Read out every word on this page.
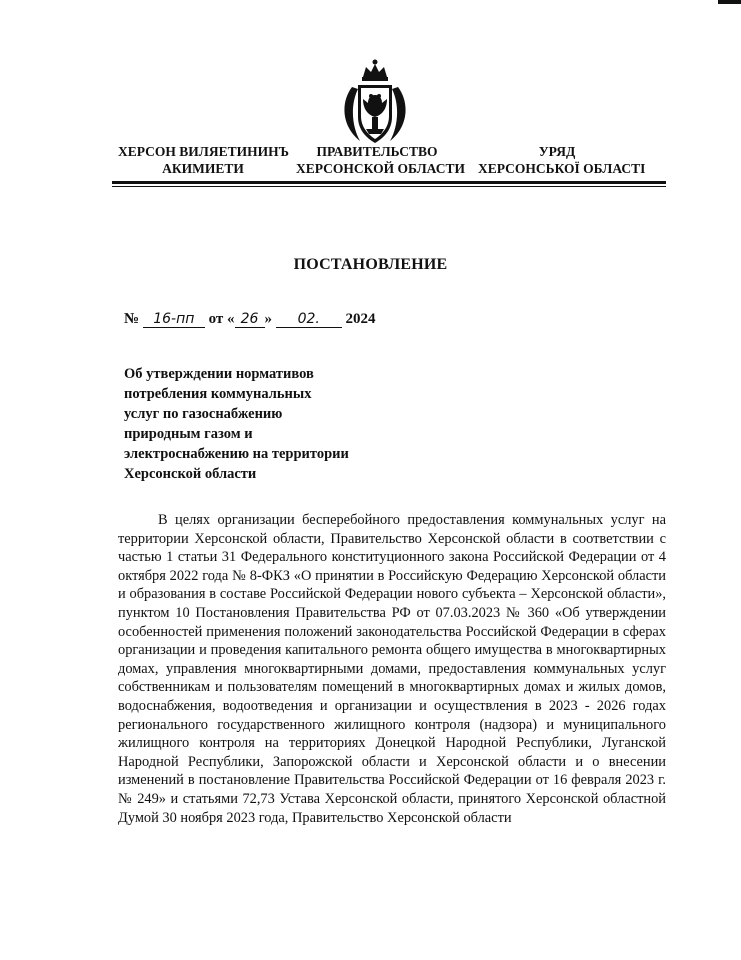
ХЕРСОН ВИЛЯЕТИНИНЪ
АКИМИЕТИ
ПРАВИТЕЛЬСТВО
ХЕРСОНСКОЙ ОБЛАСТИ
УРЯД
ХЕРСОНСЬКОЇ ОБЛАСТІ
ПОСТАНОВЛЕНИЕ
№ 16-пп от « 26 » 02. 2024
Об утверждении нормативов
потребления коммунальных
услуг по газоснабжению
природным газом и
электроснабжению на территории
Херсонской области

В целях организации бесперебойного предоставления коммунальных услуг на территории Херсонской области, Правительство Херсонской области в соответствии с частью 1 статьи 31 Федерального конституционного закона Российской Федерации от 4 октября 2022 года № 8-ФКЗ «О принятии в Российскую Федерацию Херсонской области и образования в составе Российской Федерации нового субъекта – Херсонской области», пунктом 10 Постановления Правительства РФ от 07.03.2023 № 360 «Об утверждении особенностей применения положений законодательства Российской Федерации в сферах организации и проведения капитального ремонта общего имущества в многоквартирных домах, управления многоквартирными домами, предоставления коммунальных услуг собственникам и пользователям помещений в многоквартирных домах и жилых домов, водоснабжения, водоотведения и организации и осуществления в 2023 - 2026 годах регионального государственного жилищного контроля (надзора) и муниципального жилищного контроля на территориях Донецкой Народной Республики, Луганской Народной Республики, Запорожской области и Херсонской области и о внесении изменений в постановление Правительства Российской Федерации от 16 февраля 2023 г. № 249» и статьями 72,73 Устава Херсонской области, принятого Херсонской областной Думой 30 ноября 2023 года, Правительство Херсонской области
